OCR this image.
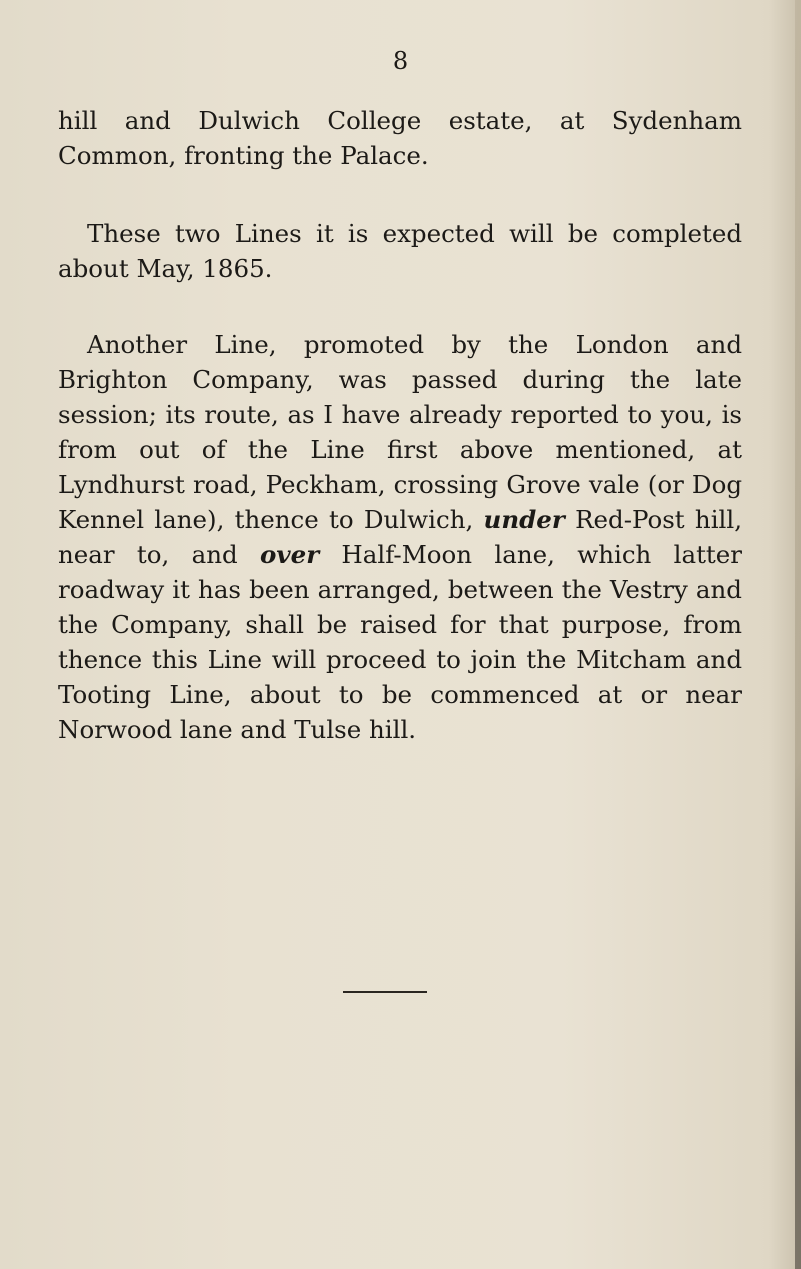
8

hill and Dulwich College estate, at Sydenham Common, fronting the Palace.

These two Lines it is expected will be completed about May, 1865.

Another Line, promoted by the London and Brighton Company, was passed during the late session; its route, as I have already reported to you, is from out of the Line first above mentioned, at Lyndhurst road, Peckham, crossing Grove vale (or Dog Kennel lane), thence to Dulwich, under Red-Post hill, near to, and over Half-Moon lane, which latter roadway it has been arranged, between the Vestry and the Company, shall be raised for that purpose, from thence this Line will proceed to join the Mitcham and Tooting Line, about to be commenced at or near Norwood lane and Tulse hill.
